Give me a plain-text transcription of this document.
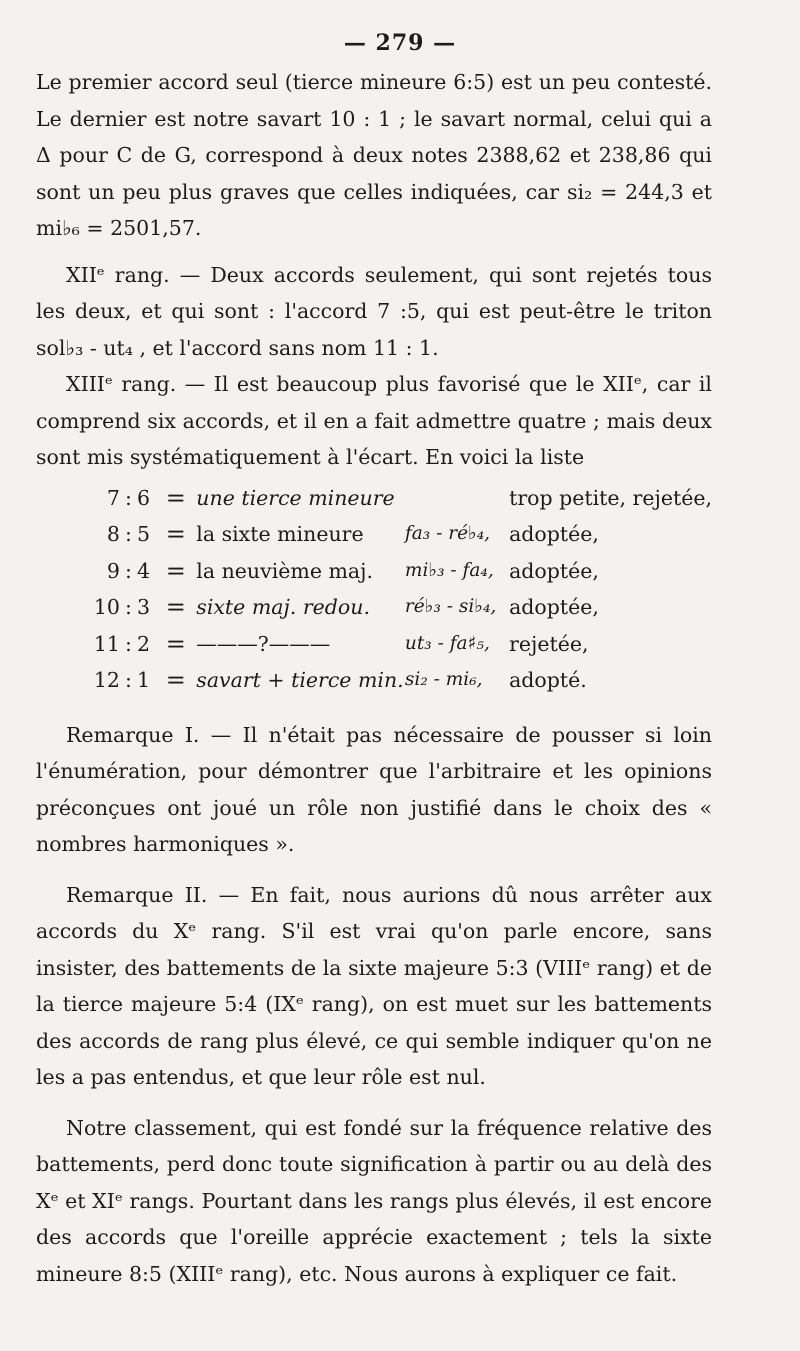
— 279 —

Le premier accord seul (tierce mineure 6:5) est un peu contesté. Le dernier est notre savart 10 : 1 ; le savart normal, celui qui a Δ pour C de G, correspond à deux notes 2388,62 et 238,86 qui sont un peu plus graves que celles indiquées, car si₂ = 244,3 et mi♭₆ = 2501,57.

XIIᵉ rang. — Deux accords seulement, qui sont rejetés tous les deux, et qui sont : l'accord 7 :5, qui est peut-être le triton sol♭₃ - ut₄ , et l'accord sans nom 11 : 1.

XIIIᵉ rang. — Il est beaucoup plus favorisé que le XIIᵉ, car il comprend six accords, et il en a fait admettre quatre ; mais deux sont mis systématiquement à l'écart. En voici la liste

7	:	6	=	une tierce mineure		trop petite, rejetée,
8	:	5	=	la sixte mineure	fa₃ - ré♭₄,	adoptée,
9	:	4	=	la neuvième maj.	mi♭₃ - fa₄,	adoptée,
10	:	3	=	sixte maj. redou.	ré♭₃ - si♭₄,	adoptée,
11	:	2	=	———?———	ut₃ - fa♯₅,	rejetée,
12	:	1	=	savart + tierce min.	si₂ - mi₆,	adopté.

Remarque I. — Il n'était pas nécessaire de pousser si loin l'énumération, pour démontrer que l'arbitraire et les opinions préconçues ont joué un rôle non justifié dans le choix des « nombres harmoniques ».

Remarque II. — En fait, nous aurions dû nous arrêter aux accords du Xᵉ rang. S'il est vrai qu'on parle encore, sans insister, des battements de la sixte majeure 5:3 (VIIIᵉ rang) et de la tierce majeure 5:4 (IXᵉ rang), on est muet sur les battements des accords de rang plus élevé, ce qui semble indiquer qu'on ne les a pas entendus, et que leur rôle est nul.

Notre classement, qui est fondé sur la fréquence relative des battements, perd donc toute signification à partir ou au delà des Xᵉ et XIᵉ rangs. Pourtant dans les rangs plus élevés, il est encore des accords que l'oreille apprécie exactement ; tels la sixte mineure 8:5 (XIIIᵉ rang), etc. Nous aurons à expliquer ce fait.
